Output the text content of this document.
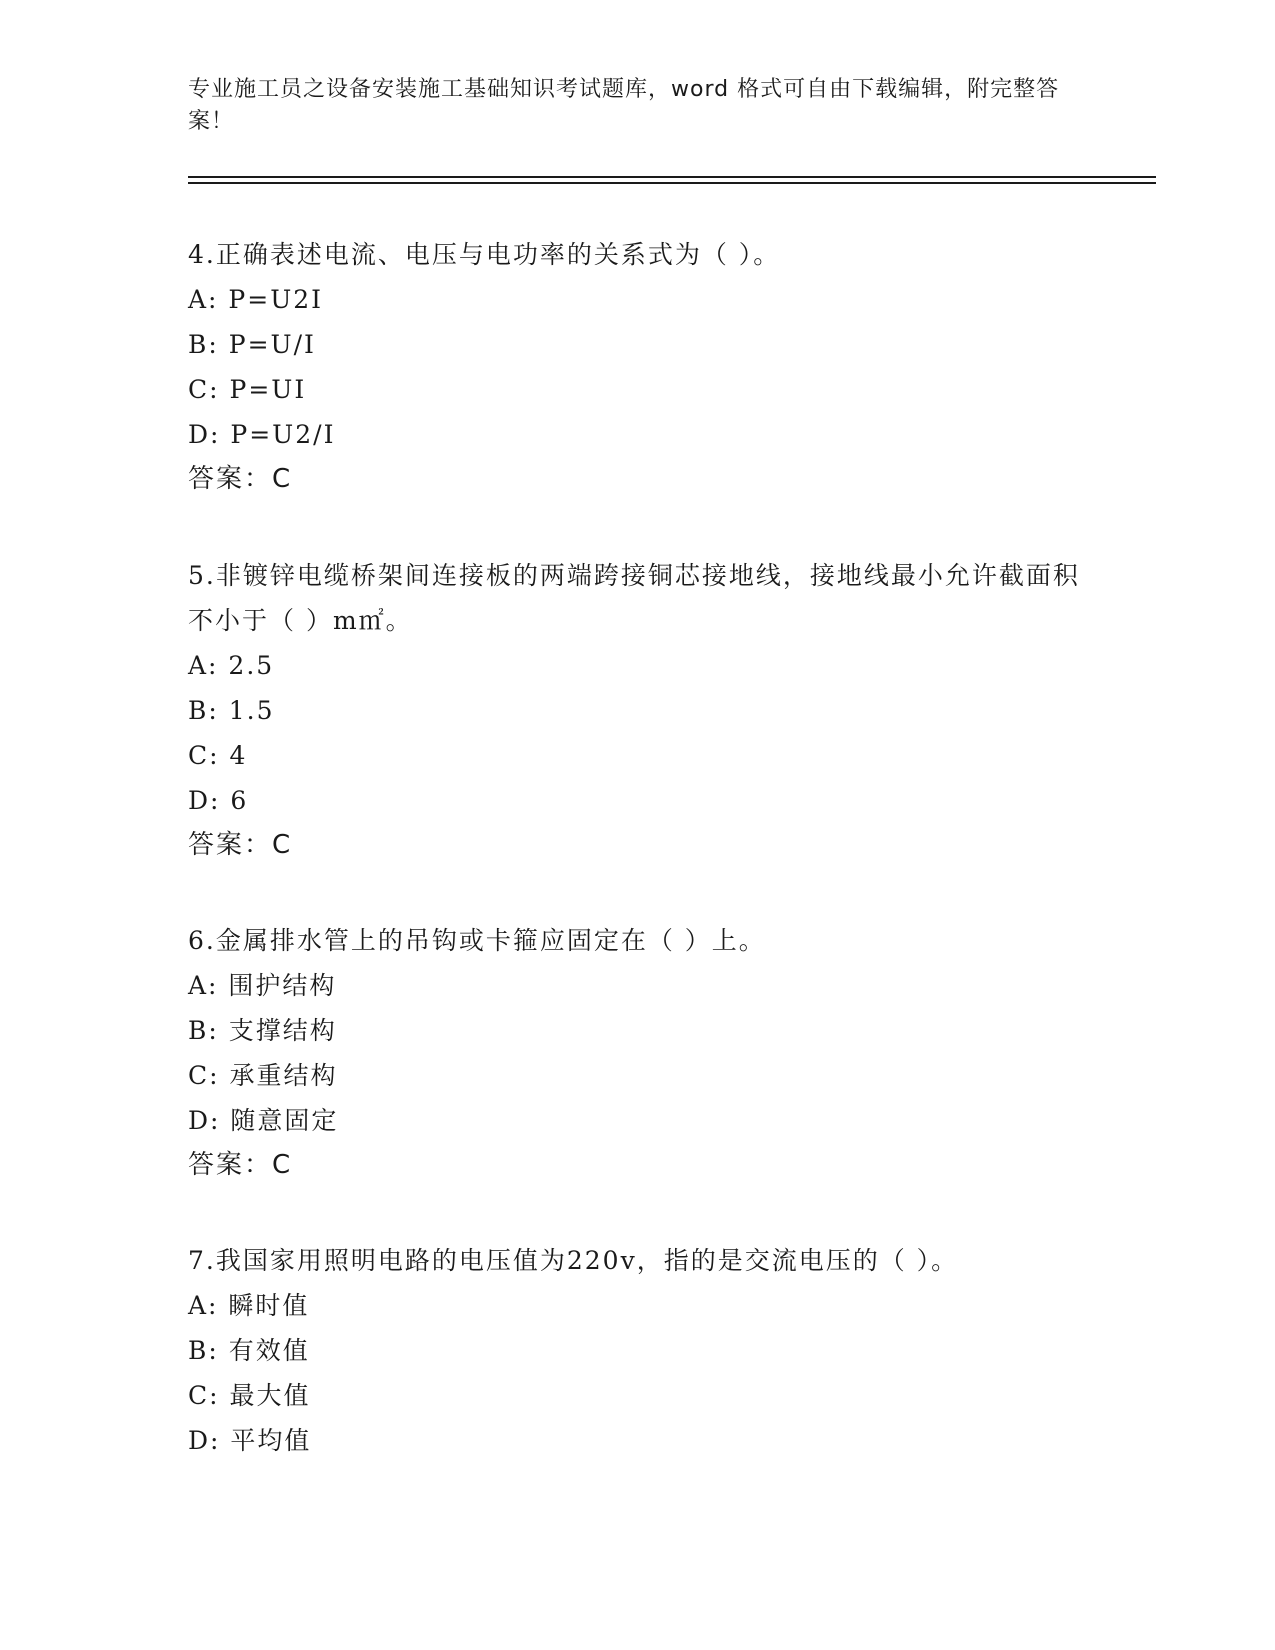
专业施工员之设备安装施工基础知识考试题库，word 格式可自由下载编辑，附完整答案！

4.正确表述电流、电压与电功率的关系式为（ ）。

A: P=U2I

B: P=U/I

C: P=UI

D: P=U2/I

答案：C

5.非镀锌电缆桥架间连接板的两端跨接铜芯接地线，接地线最小允许截面积不小于（ ）m㎡。

A: 2.5

B: 1.5

C: 4

D: 6

答案：C

6.金属排水管上的吊钩或卡箍应固定在（ ）上。

A: 围护结构

B: 支撑结构

C: 承重结构

D: 随意固定

答案：C

7.我国家用照明电路的电压值为220v，指的是交流电压的（ ）。

A: 瞬时值

B: 有效值

C: 最大值

D: 平均值
